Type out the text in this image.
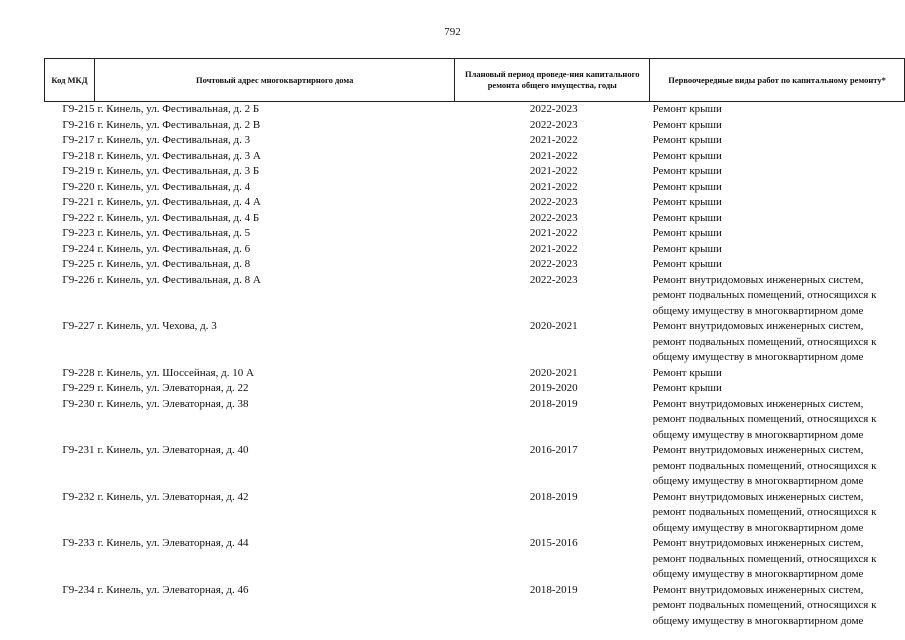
792
Код МКД	Почтовый адрес многоквартирного дома	Плановый период проведе-ния капитального ремонта общего имущества, годы	Первоочередные виды работ по капитальному ремонту*
Г9-215	г. Кинель, ул. Фестивальная, д. 2 Б	2022-2023	Ремонт крыши

Г9-216	г. Кинель, ул. Фестивальная, д. 2 В	2022-2023	Ремонт крыши

Г9-217	г. Кинель, ул. Фестивальная, д. 3	2021-2022	Ремонт крыши

Г9-218	г. Кинель, ул. Фестивальная, д. 3 А	2021-2022	Ремонт крыши

Г9-219	г. Кинель, ул. Фестивальная, д. 3 Б	2021-2022	Ремонт крыши

Г9-220	г. Кинель, ул. Фестивальная, д. 4	2021-2022	Ремонт крыши

Г9-221	г. Кинель, ул. Фестивальная, д. 4 А	2022-2023	Ремонт крыши

Г9-222	г. Кинель, ул. Фестивальная, д. 4 Б	2022-2023	Ремонт крыши

Г9-223	г. Кинель, ул. Фестивальная, д. 5	2021-2022	Ремонт крыши

Г9-224	г. Кинель, ул. Фестивальная, д. 6	2021-2022	Ремонт крыши

Г9-225	г. Кинель, ул. Фестивальная, д. 8	2022-2023	Ремонт крыши

Г9-226	г. Кинель, ул. Фестивальная, д. 8 А	2022-2023	Ремонт внутридомовых инженерных систем,
ремонт подвальных помещений, относящихся к
общему имуществу в многоквартирном доме

Г9-227	г. Кинель, ул. Чехова, д. 3	2020-2021	Ремонт внутридомовых инженерных систем,
ремонт подвальных помещений, относящихся к
общему имуществу в многоквартирном доме

Г9-228	г. Кинель, ул. Шоссейная, д. 10 А	2020-2021	Ремонт крыши

Г9-229	г. Кинель, ул. Элеваторная, д. 22	2019-2020	Ремонт крыши

Г9-230	г. Кинель, ул. Элеваторная, д. 38	2018-2019	Ремонт внутридомовых инженерных систем,
ремонт подвальных помещений, относящихся к
общему имуществу в многоквартирном доме

Г9-231	г. Кинель, ул. Элеваторная, д. 40	2016-2017	Ремонт внутридомовых инженерных систем,
ремонт подвальных помещений, относящихся к
общему имуществу в многоквартирном доме

Г9-232	г. Кинель, ул. Элеваторная, д. 42	2018-2019	Ремонт внутридомовых инженерных систем,
ремонт подвальных помещений, относящихся к
общему имуществу в многоквартирном доме

Г9-233	г. Кинель, ул. Элеваторная, д. 44	2015-2016	Ремонт внутридомовых инженерных систем,
ремонт подвальных помещений, относящихся к
общему имуществу в многоквартирном доме

Г9-234	г. Кинель, ул. Элеваторная, д. 46	2018-2019	Ремонт внутридомовых инженерных систем,
ремонт подвальных помещений, относящихся к
общему имуществу в многоквартирном доме
